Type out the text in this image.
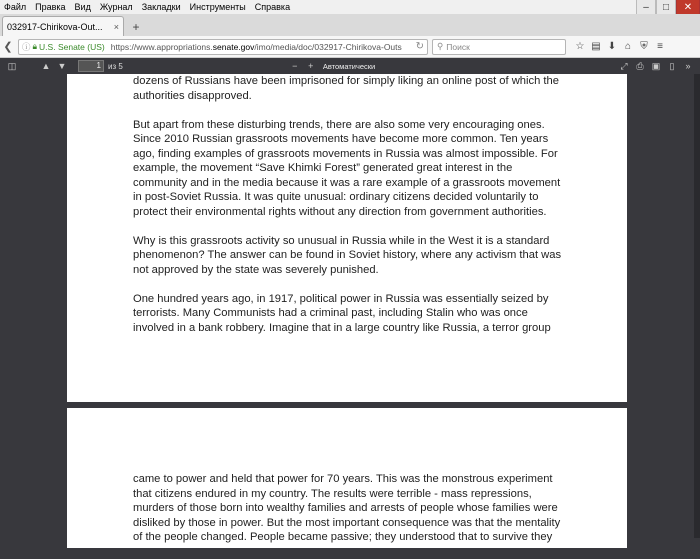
Файл Правка Вид Журнал Закладки Инструменты Справка	–	□	✕
032917-Chirikova-Out... ×	+
❮	ⓘ 🔒︎ U.S. Senate (US) https://www.appropriations.senate.gov/imo/media/doc/032917-Chirikova-Outs ↻ ⚲ Поиск	☆ ▤ ⬇ ⌂ ⛨ ≡
◫	▲ ▼	1 из 5	−	+	Автоматически	⤢ ⎙ ▣	▯	»

dozens of Russians have been imprisoned for simply liking an online post of which the authorities disapproved.

But apart from these disturbing trends, there are also some very encouraging ones. Since 2010 Russian grassroots movements have become more common. Ten years ago, finding examples of grassroots movements in Russia was almost impossible. For example, the movement “Save Khimki Forest” generated great interest in the community and in the media because it was a rare example of a grassroots movement in post-Soviet Russia. It was quite unusual: ordinary citizens decided voluntarily to protect their environmental rights without any direction from government authorities.

Why is this grassroots activity so unusual in Russia while in the West it is a standard phenomenon? The answer can be found in Soviet history, where any activism that was not approved by the state was severely punished.

One hundred years ago, in 1917, political power in Russia was essentially seized by terrorists. Many Communists had a criminal past, including Stalin who was once involved in a bank robbery. Imagine that in a large country like Russia, a terror group

came to power and held that power for 70 years. This was the monstrous experiment that citizens endured in my country. The results were terrible - mass repressions, murders of those born into wealthy families and arrests of people whose families were disliked by those in power. But the most important consequence was that the mentality of the people changed. People became passive; they understood that to survive they
